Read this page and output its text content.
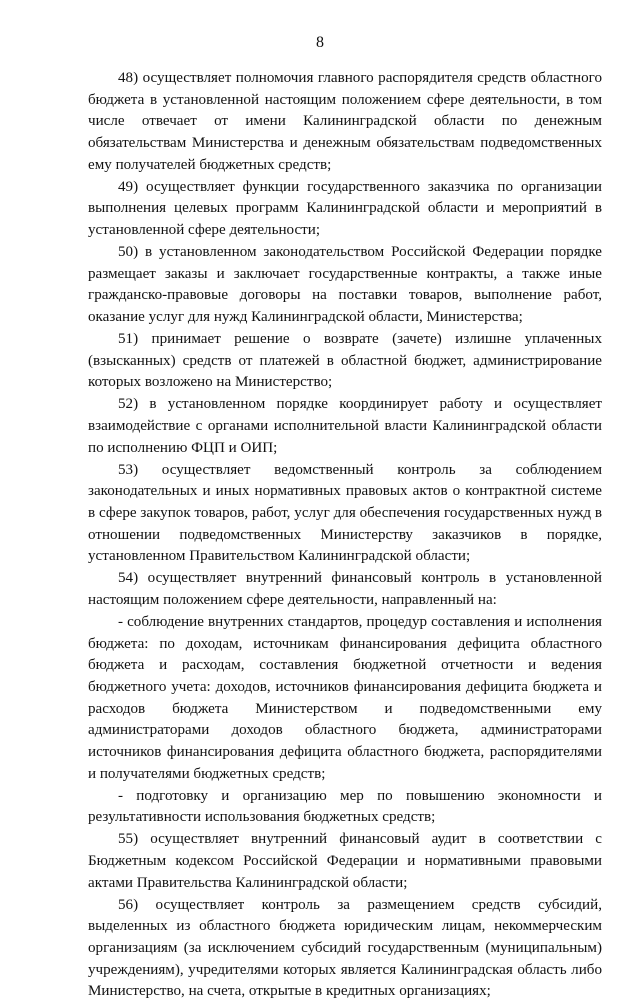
8

48) осуществляет полномочия главного распорядителя средств областного бюджета в установленной настоящим положением сфере деятельности, в том числе отвечает от имени Калининградской области по денежным обязательствам Министерства и денежным обязательствам подведомственных ему получателей бюджетных средств;

49) осуществляет функции государственного заказчика по организации выполнения целевых программ Калининградской области и мероприятий в установленной сфере деятельности;

50) в установленном законодательством Российской Федерации порядке размещает заказы и заключает государственные контракты, а также иные гражданско-правовые договоры на поставки товаров, выполнение работ, оказание услуг для нужд Калининградской области, Министерства;

51) принимает решение о возврате (зачете) излишне уплаченных (взысканных) средств от платежей в областной бюджет, администрирование которых возложено на Министерство;

52) в установленном порядке координирует работу и осуществляет взаимодействие с органами исполнительной власти Калининградской области по исполнению ФЦП и ОИП;

53) осуществляет ведомственный контроль за соблюдением законодательных и иных нормативных правовых актов о контрактной системе в сфере закупок товаров, работ, услуг для обеспечения государственных нужд в отношении подведомственных Министерству заказчиков в порядке, установленном Правительством Калининградской области;

54) осуществляет внутренний финансовый контроль в установленной настоящим положением сфере деятельности, направленный на:

- соблюдение внутренних стандартов, процедур составления и исполнения бюджета: по доходам, источникам финансирования дефицита областного бюджета и расходам, составления бюджетной отчетности и ведения бюджетного учета: доходов, источников финансирования дефицита бюджета и расходов бюджета Министерством и подведомственными ему администраторами доходов областного бюджета, администраторами источников финансирования дефицита областного бюджета, распорядителями и получателями бюджетных средств;

- подготовку и организацию мер по повышению экономности и результативности использования бюджетных средств;

55) осуществляет внутренний финансовый аудит в соответствии с Бюджетным кодексом Российской Федерации и нормативными правовыми актами Правительства Калининградской области;

56) осуществляет контроль за размещением средств субсидий, выделенных из областного бюджета юридическим лицам, некоммерческим организациям (за исключением субсидий государственным (муниципальным) учреждениям), учредителями которых является Калининградская область либо Министерство, на счета, открытые в кредитных организациях;
